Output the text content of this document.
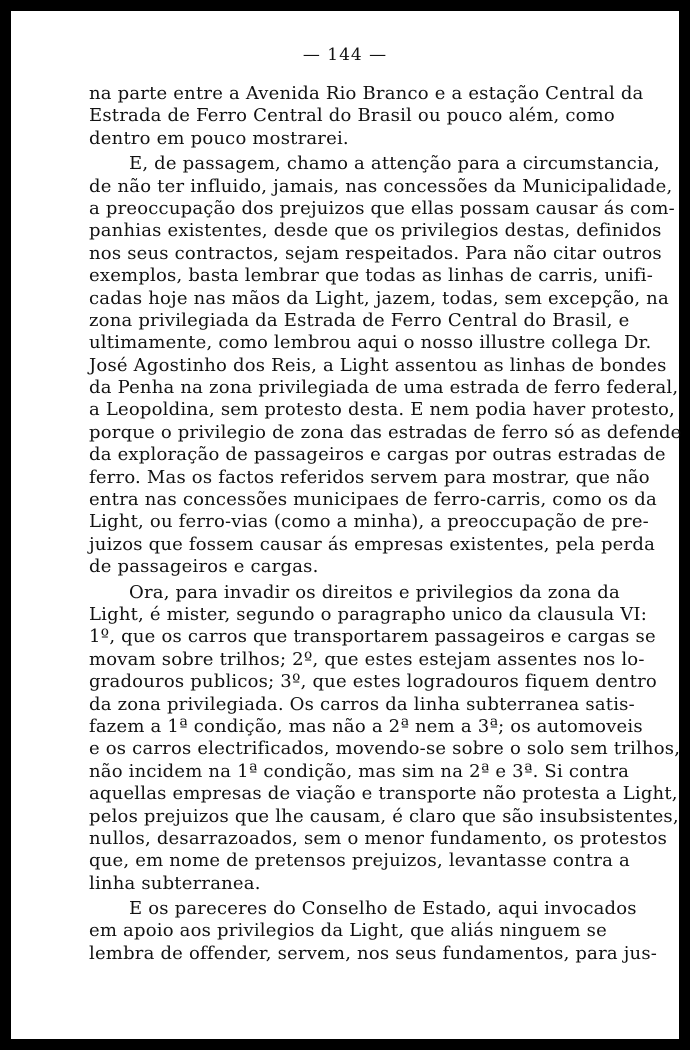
— 144 —
na parte entre a Avenida Rio Branco e a estação Central da
Estrada de Ferro Central do Brasil ou pouco além, como
dentro em pouco mostrarei.
E, de passagem, chamo a attenção para a circumstancia,
de não ter influido, jamais, nas concessões da Municipalidade,
a preoccupação dos prejuizos que ellas possam causar ás com-
panhias existentes, desde que os privilegios destas, definidos
nos seus contractos, sejam respeitados. Para não citar outros
exemplos, basta lembrar que todas as linhas de carris, unifi-
cadas hoje nas mãos da Light, jazem, todas, sem excepção, na
zona privilegiada da Estrada de Ferro Central do Brasil, e
ultimamente, como lembrou aqui o nosso illustre collega Dr.
José Agostinho dos Reis, a Light assentou as linhas de bondes
da Penha na zona privilegiada de uma estrada de ferro federal,
a Leopoldina, sem protesto desta. E nem podia haver protesto,
porque o privilegio de zona das estradas de ferro só as defende
da exploração de passageiros e cargas por outras estradas de
ferro. Mas os factos referidos servem para mostrar, que não
entra nas concessões municipaes de ferro-carris, como os da
Light, ou ferro-vias (como a minha), a preoccupação de pre-
juizos que fossem causar ás empresas existentes, pela perda
de passageiros e cargas.
Ora, para invadir os direitos e privilegios da zona da
Light, é mister, segundo o paragrapho unico da clausula VI:
1º, que os carros que transportarem passageiros e cargas se
movam sobre trilhos; 2º, que estes estejam assentes nos lo-
gradouros publicos; 3º, que estes logradouros fiquem dentro
da zona privilegiada. Os carros da linha subterranea satis-
fazem a 1ª condição, mas não a 2ª nem a 3ª; os automoveis
e os carros electrificados, movendo-se sobre o solo sem trilhos,
não incidem na 1ª condição, mas sim na 2ª e 3ª. Si contra
aquellas empresas de viação e transporte não protesta a Light,
pelos prejuizos que lhe causam, é claro que são insubsistentes,
nullos, desarrazoados, sem o menor fundamento, os protestos
que, em nome de pretensos prejuizos, levantasse contra a
linha subterranea.
E os pareceres do Conselho de Estado, aqui invocados
em apoio aos privilegios da Light, que aliás ninguem se
lembra de offender, servem, nos seus fundamentos, para jus-
